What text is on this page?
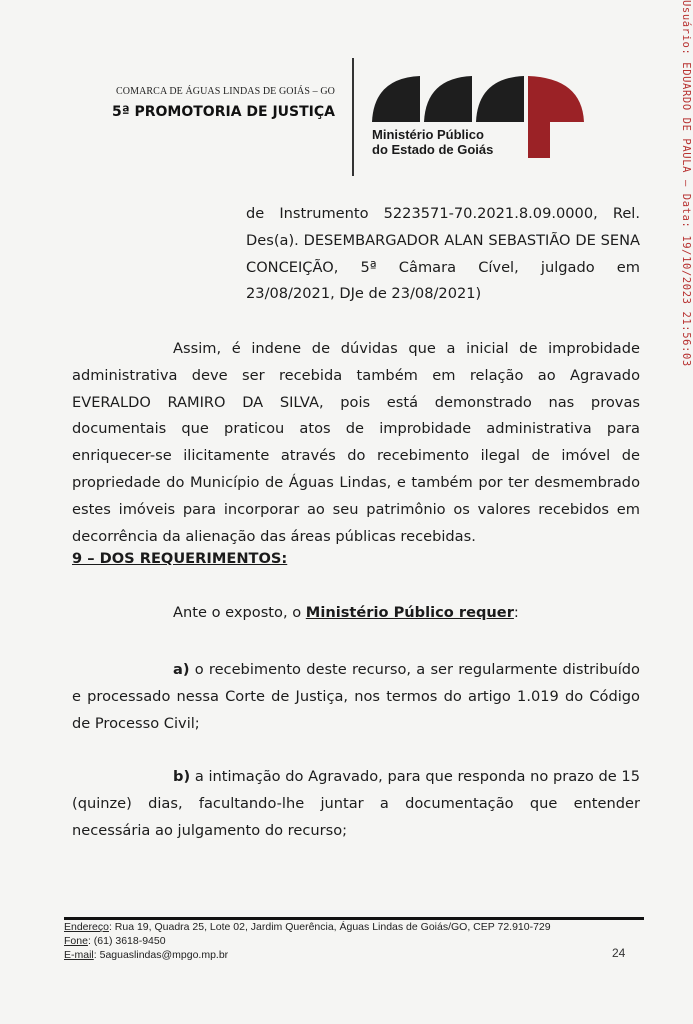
COMARCA DE ÁGUAS LINDAS DE GOIÁS – GO
5ª PROMOTORIA DE JUSTIÇA
Ministério Público
do Estado de Goiás	Usuário: EDUARDO DE PAULA – Data: 19/10/2023 21:56:03
de Instrumento 5223571-70.2021.8.09.0000, Rel. Des(a). DESEMBARGADOR ALAN SEBASTIÃO DE SENA CONCEIÇÃO, 5ª Câmara Cível, julgado em 23/08/2021, DJe de 23/08/2021)
Assim, é indene de dúvidas que a inicial de improbidade administrativa deve ser recebida também em relação ao Agravado EVERALDO RAMIRO DA SILVA, pois está demonstrado nas provas documentais que praticou atos de improbidade administrativa para enriquecer-se ilicitamente através do recebimento ilegal de imóvel de propriedade do Município de Águas Lindas, e também por ter desmembrado estes imóveis para incorporar ao seu patrimônio os valores recebidos em decorrência da alienação das áreas públicas recebidas.
9 – DOS REQUERIMENTOS:
Ante o exposto, o Ministério Público requer:
a) o recebimento deste recurso, a ser regularmente distribuído e processado nessa Corte de Justiça, nos termos do artigo 1.019 do Código de Processo Civil;
b) a intimação do Agravado, para que responda no prazo de 15 (quinze) dias, facultando-lhe juntar a documentação que entender necessária ao julgamento do recurso;
Endereço: Rua 19, Quadra 25, Lote 02, Jardim Querência, Águas Lindas de Goiás/GO, CEP 72.910-729
Fone: (61) 3618-9450
E-mail: 5aguaslindas@mpgo.mp.br	24
